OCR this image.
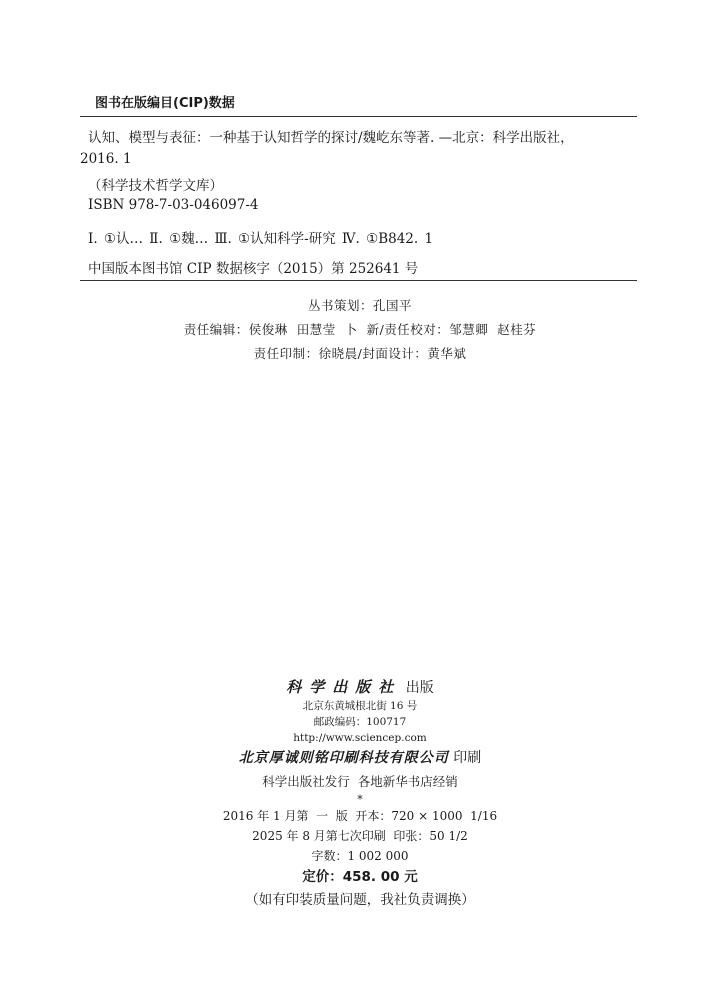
图书在版编目(CIP)数据
认知、模型与表征：一种基于认知哲学的探讨/魏屹东等著. —北京：科学出版社，
2016. 1
（科学技术哲学文库）
ISBN 978-7-03-046097-4
Ⅰ. ①认… Ⅱ. ①魏… Ⅲ. ①认知科学-研究 Ⅳ. ①B842. 1
中国版本图书馆 CIP 数据核字（2015）第 252641 号
丛书策划：孔国平
责任编辑：侯俊琳  田慧莹  卜  新/责任校对：邹慧卿  赵桂芬
责任印制：徐晓晨/封面设计：黄华斌
科学出版社 出版
北京东黄城根北街 16 号
邮政编码：100717
http://www.sciencep.com
北京厚诚则铭印刷科技有限公司 印刷
科学出版社发行  各地新华书店经销
*
2016 年 1 月第  一  版  开本：720 × 1000  1/16
2025 年 8 月第七次印刷  印张：50 1/2
字数：1 002 000
定价：458. 00 元
（如有印装质量问题，我社负责调换）
